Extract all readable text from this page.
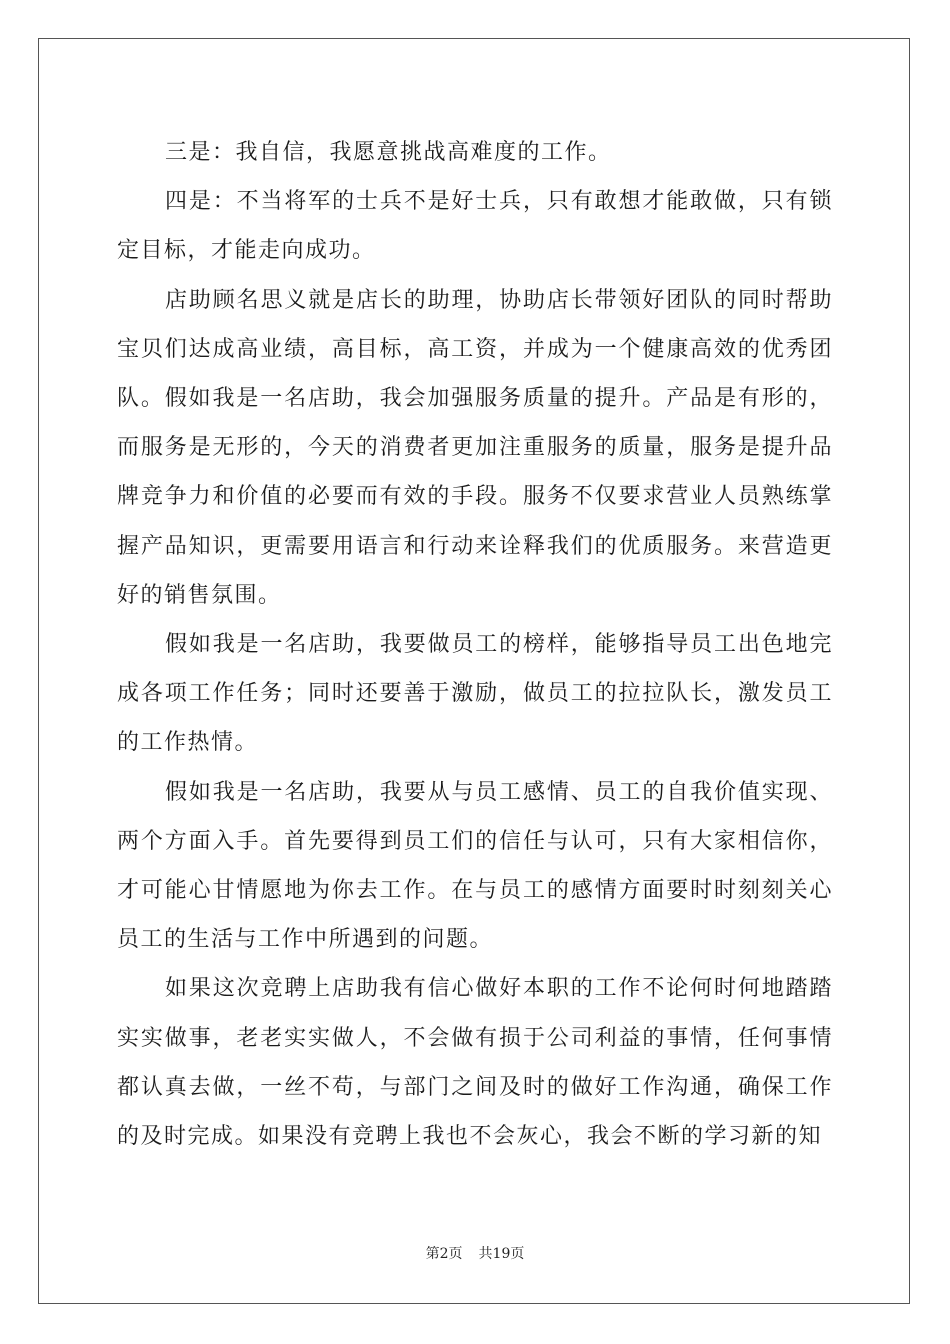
三是：我自信，我愿意挑战高难度的工作。

四是：不当将军的士兵不是好士兵，只有敢想才能敢做，只有锁定目标，才能走向成功。

店助顾名思义就是店长的助理，协助店长带领好团队的同时帮助宝贝们达成高业绩，高目标，高工资，并成为一个健康高效的优秀团队。假如我是一名店助，我会加强服务质量的提升。产品是有形的，而服务是无形的，今天的消费者更加注重服务的质量，服务是提升品牌竞争力和价值的必要而有效的手段。服务不仅要求营业人员熟练掌握产品知识，更需要用语言和行动来诠释我们的优质服务。来营造更好的销售氛围。

假如我是一名店助，我要做员工的榜样，能够指导员工出色地完成各项工作任务；同时还要善于激励，做员工的拉拉队长，激发员工的工作热情。

假如我是一名店助，我要从与员工感情、员工的自我价值实现、两个方面入手。首先要得到员工们的信任与认可，只有大家相信你，才可能心甘情愿地为你去工作。在与员工的感情方面要时时刻刻关心员工的生活与工作中所遇到的问题。

如果这次竞聘上店助我有信心做好本职的工作不论何时何地踏踏实实做事，老老实实做人，不会做有损于公司利益的事情，任何事情都认真去做，一丝不苟，与部门之间及时的做好工作沟通，确保工作的及时完成。如果没有竞聘上我也不会灰心，我会不断的学习新的知

第2页 共19页
